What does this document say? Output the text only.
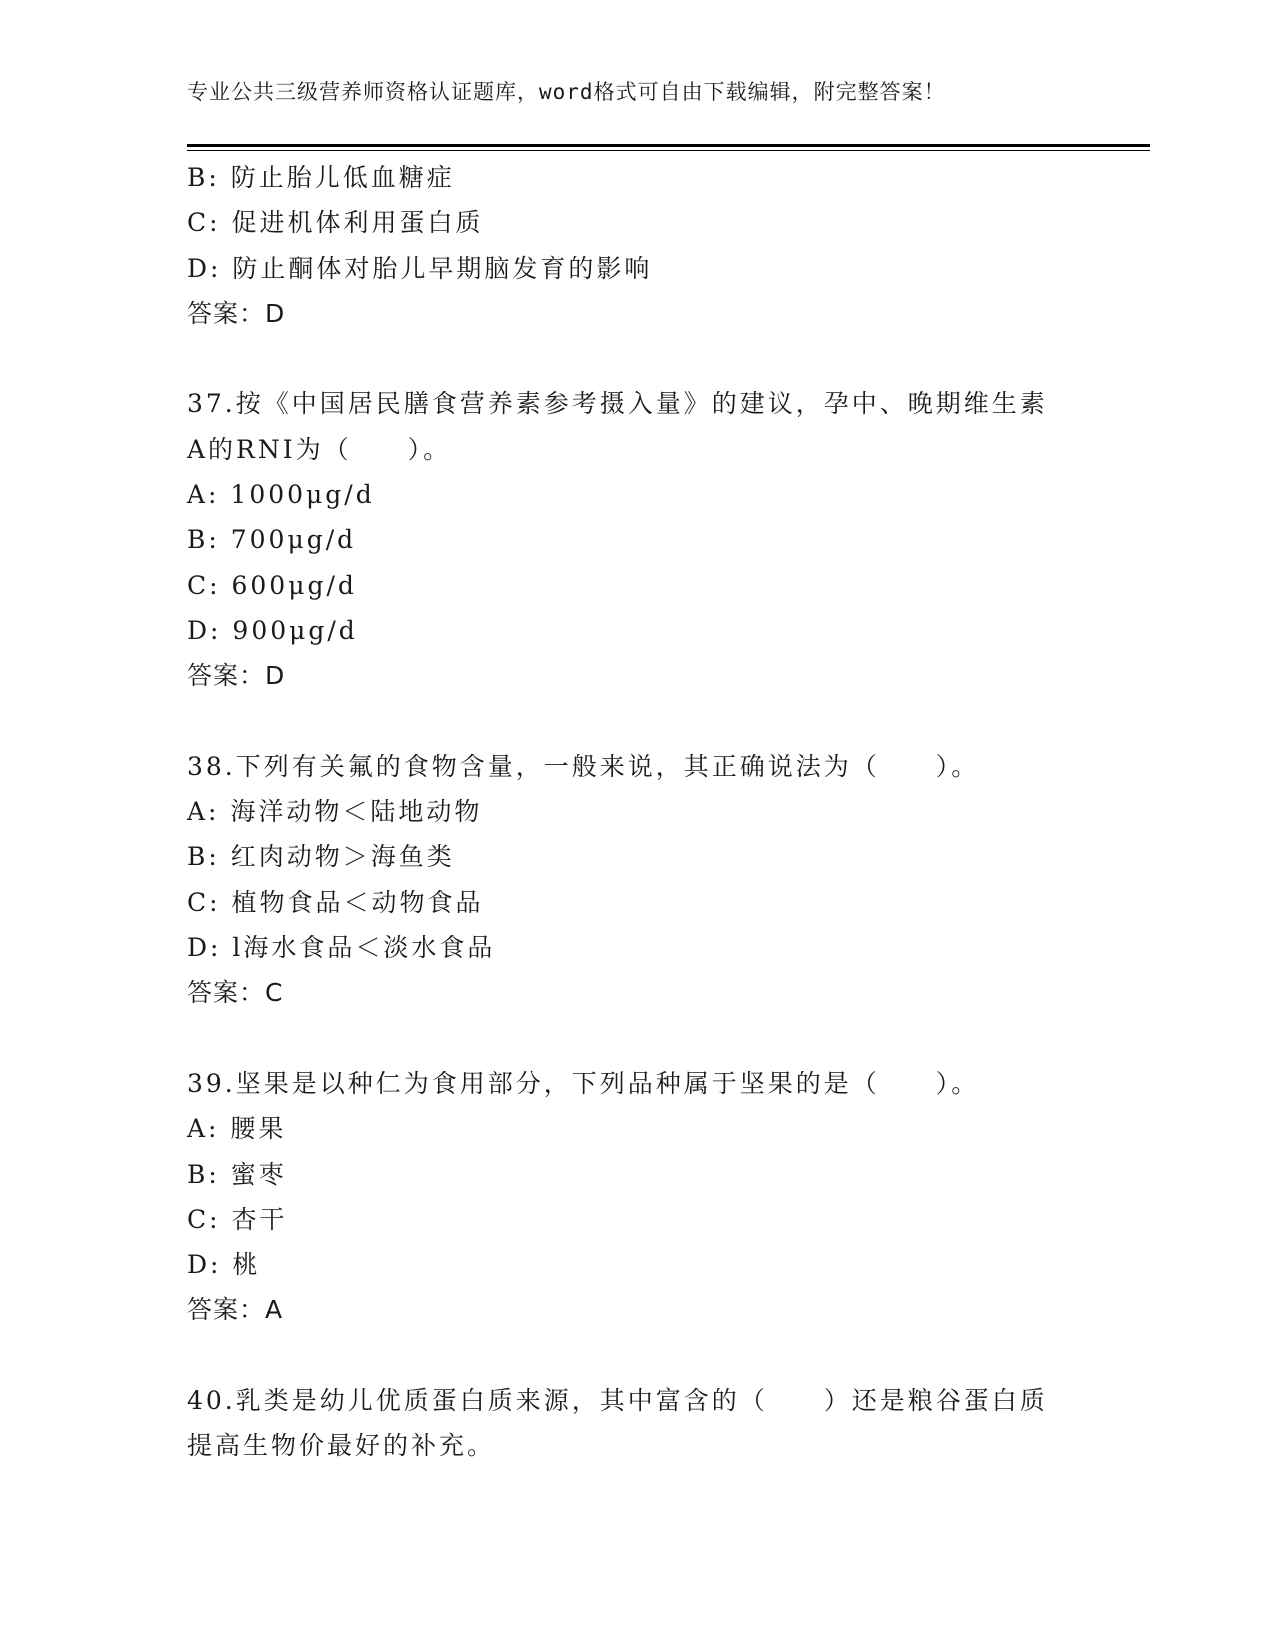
专业公共三级营养师资格认证题库，word格式可自由下载编辑，附完整答案！
B: 防止胎儿低血糖症
C: 促进机体利用蛋白质
D: 防止酮体对胎儿早期脑发育的影响
答案：D
37.按《中国居民膳食营养素参考摄入量》的建议，孕中、晚期维生素
A的RNI为（　　）。
A: 1000μg/d
B: 700μg/d
C: 600μg/d
D: 900μg/d
答案：D
38.下列有关氟的食物含量，一般来说，其正确说法为（　　）。
A: 海洋动物＜陆地动物
B: 红肉动物＞海鱼类
C: 植物食品＜动物食品
D: l海水食品＜淡水食品
答案：C
39.坚果是以种仁为食用部分，下列品种属于坚果的是（　　）。
A: 腰果
B: 蜜枣
C: 杏干
D: 桃
答案：A
40.乳类是幼儿优质蛋白质来源，其中富含的（　　）还是粮谷蛋白质
提高生物价最好的补充。
